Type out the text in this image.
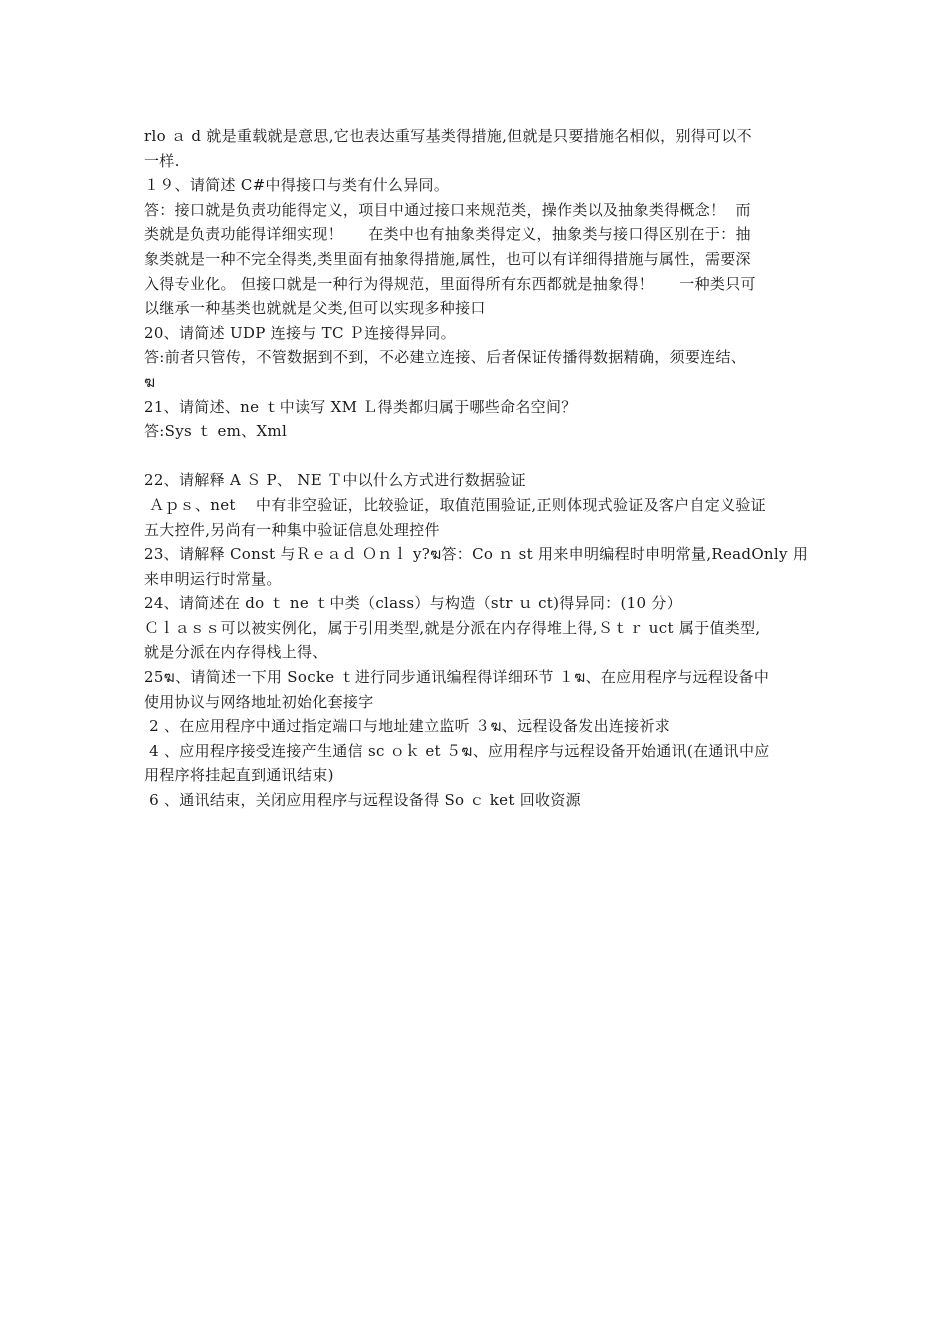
rlo ａ d 就是重载就是意思,它也表达重写基类得措施,但就是只要措施名相似，别得可以不
一样.
１９、请简述 C#中得接口与类有什么异同。
答：接口就是负责功能得定义，项目中通过接口来规范类，操作类以及抽象类得概念！  而
类就是负责功能得详细实现！     在类中也有抽象类得定义，抽象类与接口得区别在于：抽
象类就是一种不完全得类,类里面有抽象得措施,属性，也可以有详细得措施与属性，需要深
入得专业化。 但接口就是一种行为得规范，里面得所有东西都就是抽象得！     一种类只可
以继承一种基类也就就是父类,但可以实现多种接口
20、请简述 UDP 连接与 TC Ｐ连接得异同。
答:前者只管传，不管数据到不到，不必建立连接、后者保证传播得数据精确，须要连结、
ฆ
21、请简述、ne ｔ中读写 XM Ｌ得类都归属于哪些命名空间？
答:Sys ｔ em、Xml
22、请解释 A Ｓ P、 NE Ｔ中以什么方式进行数据验证
Ａｐｓ、net    中有非空验证，比较验证，取值范围验证,正则体现式验证及客户自定义验证
五大控件,另尚有一种集中验证信息处理控件
23、请解释 Const 与Ｒｅａｄ Ｏｎｌ y?ฆ答：Co ｎ st 用来申明编程时申明常量,ReadOnly 用
来申明运行时常量。
24、请简述在 do ｔ ne ｔ中类（class）与构造（str ｕ ct)得异同：(10 分）
Ｃｌａｓｓ可以被实例化，属于引用类型,就是分派在内存得堆上得,Ｓｔｒ uct 属于值类型,
就是分派在内存得栈上得、
25ฆ、请简述一下用 Socke ｔ进行同步通讯编程得详细环节 １ฆ、在应用程序与远程设备中
使用协议与网络地址初始化套接字
2 、在应用程序中通过指定端口与地址建立监听 ３ฆ、远程设备发出连接祈求
4 、应用程序接受连接产生通信 sc ｏｋ et ５ฆ、应用程序与远程设备开始通讯(在通讯中应
用程序将挂起直到通讯结束)
6 、通讯结束，关闭应用程序与远程设备得 So ｃ ket 回收资源
